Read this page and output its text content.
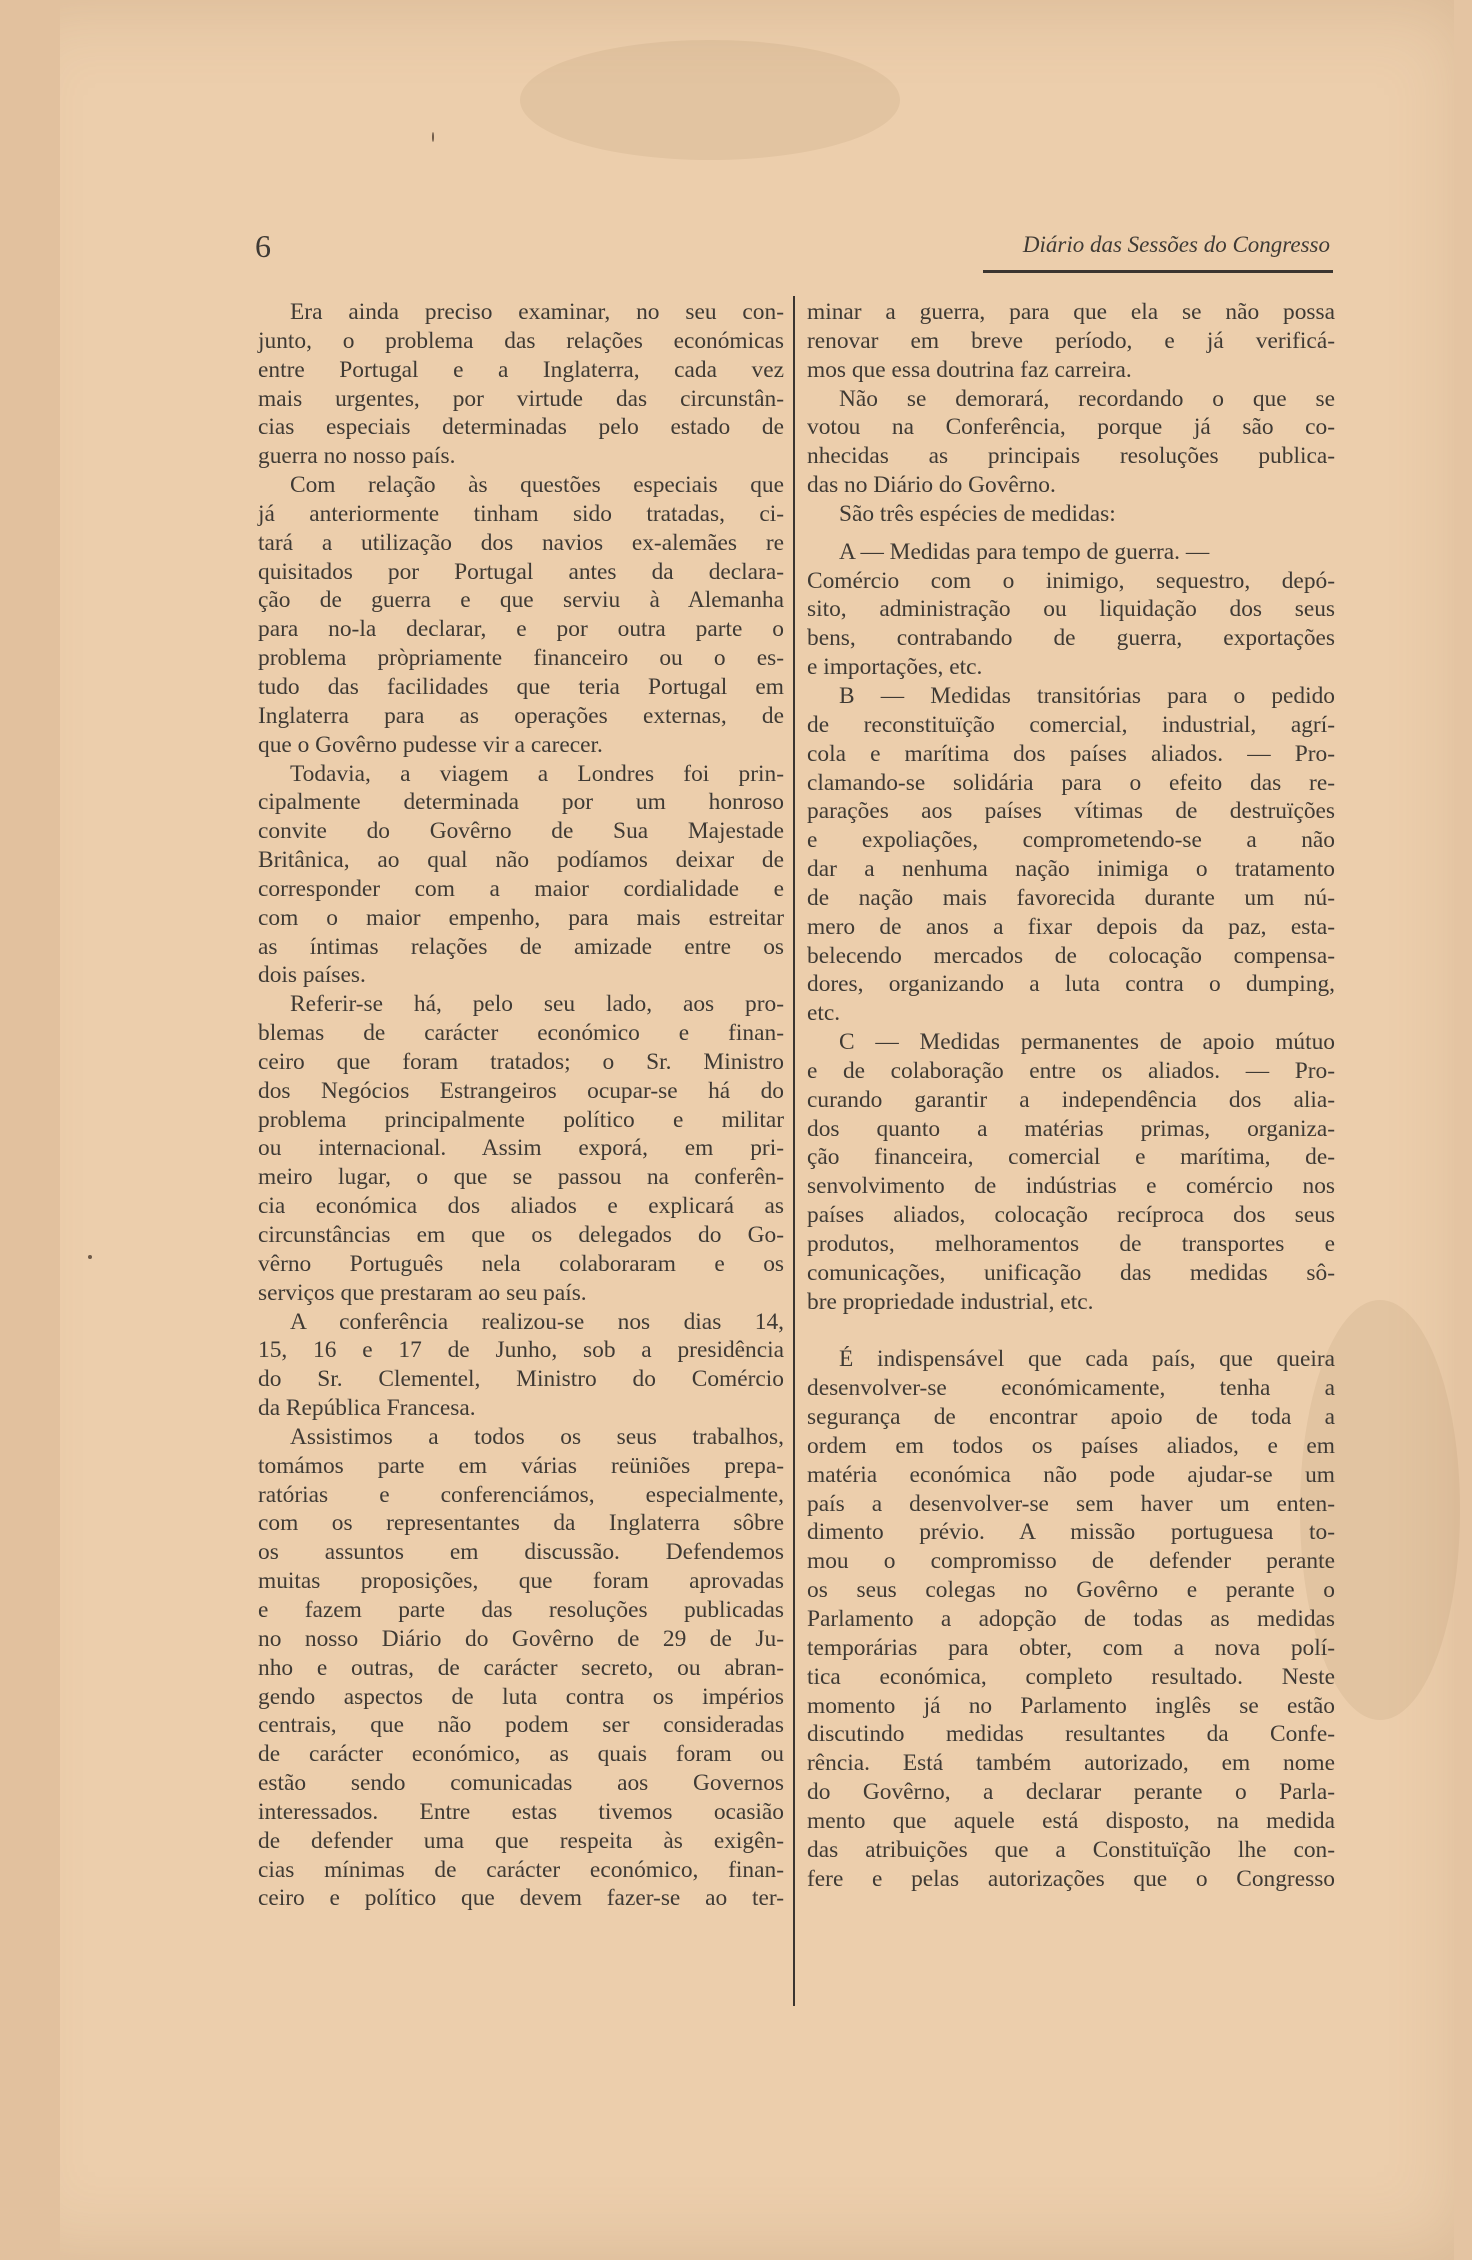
6	Diário das Sessões do Congresso
Era ainda preciso examinar, no seu con-
junto, o problema das relações económicas
entre Portugal e a Inglaterra, cada vez
mais urgentes, por virtude das circunstân-
cias especiais determinadas pelo estado de
guerra no nosso país.
Com relação às questões especiais que
já anteriormente tinham sido tratadas, ci-
tará a utilização dos navios ex-alemães re
quisitados por Portugal antes da declara-
ção de guerra e que serviu à Alemanha
para no-la declarar, e por outra parte o
problema pròpriamente financeiro ou o es-
tudo das facilidades que teria Portugal em
Inglaterra para as operações externas, de
que o Govêrno pudesse vir a carecer.
Todavia, a viagem a Londres foi prin-
cipalmente determinada por um honroso
convite do Govêrno de Sua Majestade
Britânica, ao qual não podíamos deixar de
corresponder com a maior cordialidade e
com o maior empenho, para mais estreitar
as íntimas relações de amizade entre os
dois países.
Referir-se há, pelo seu lado, aos pro-
blemas de carácter económico e finan-
ceiro que foram tratados; o Sr. Ministro
dos Negócios Estrangeiros ocupar-se há do
problema principalmente político e militar
ou internacional. Assim exporá, em pri-
meiro lugar, o que se passou na conferên-
cia económica dos aliados e explicará as
circunstâncias em que os delegados do Go-
vêrno Português nela colaboraram e os
serviços que prestaram ao seu país.
A conferência realizou-se nos dias 14,
15, 16 e 17 de Junho, sob a presidência
do Sr. Clementel, Ministro do Comércio
da República Francesa.
Assistimos a todos os seus trabalhos,
tomámos parte em várias reüniões prepa-
ratórias e conferenciámos, especialmente,
com os representantes da Inglaterra sôbre
os assuntos em discussão. Defendemos
muitas proposições, que foram aprovadas
e fazem parte das resoluções publicadas
no nosso Diário do Govêrno de 29 de Ju-
nho e outras, de carácter secreto, ou abran-
gendo aspectos de luta contra os impérios
centrais, que não podem ser consideradas
de carácter económico, as quais foram ou
estão sendo comunicadas aos Governos
interessados. Entre estas tivemos ocasião
de defender uma que respeita às exigên-
cias mínimas de carácter económico, finan-
ceiro e político que devem fazer-se ao ter-
minar a guerra, para que ela se não possa
renovar em breve período, e já verificá-
mos que essa doutrina faz carreira.
Não se demorará, recordando o que se
votou na Conferência, porque já são co-
nhecidas as principais resoluções publica-
das no Diário do Govêrno.
São três espécies de medidas:
A — Medidas para tempo de guerra. —
Comércio com o inimigo, sequestro, depó-
sito, administração ou liquidação dos seus
bens, contrabando de guerra, exportações
e importações, etc.
B — Medidas transitórias para o pedido
de reconstituïção comercial, industrial, agrí-
cola e marítima dos países aliados. — Pro-
clamando-se solidária para o efeito das re-
parações aos países vítimas de destruïções
e expoliações, comprometendo-se a não
dar a nenhuma nação inimiga o tratamento
de nação mais favorecida durante um nú-
mero de anos a fixar depois da paz, esta-
belecendo mercados de colocação compensa-
dores, organizando a luta contra o dumping,
etc.
C — Medidas permanentes de apoio mútuo
e de colaboração entre os aliados. — Pro-
curando garantir a independência dos alia-
dos quanto a matérias primas, organiza-
ção financeira, comercial e marítima, de-
senvolvimento de indústrias e comércio nos
países aliados, colocação recíproca dos seus
produtos, melhoramentos de transportes e
comunicações, unificação das medidas sô-
bre propriedade industrial, etc.
É indispensável que cada país, que queira
desenvolver-se económicamente, tenha a
segurança de encontrar apoio de toda a
ordem em todos os países aliados, e em
matéria económica não pode ajudar-se um
país a desenvolver-se sem haver um enten-
dimento prévio. A missão portuguesa to-
mou o compromisso de defender perante
os seus colegas no Govêrno e perante o
Parlamento a adopção de todas as medidas
temporárias para obter, com a nova polí-
tica económica, completo resultado. Neste
momento já no Parlamento inglês se estão
discutindo medidas resultantes da Confe-
rência. Está também autorizado, em nome
do Govêrno, a declarar perante o Parla-
mento que aquele está disposto, na medida
das atribuições que a Constituïção lhe con-
fere e pelas autorizações que o Congresso
